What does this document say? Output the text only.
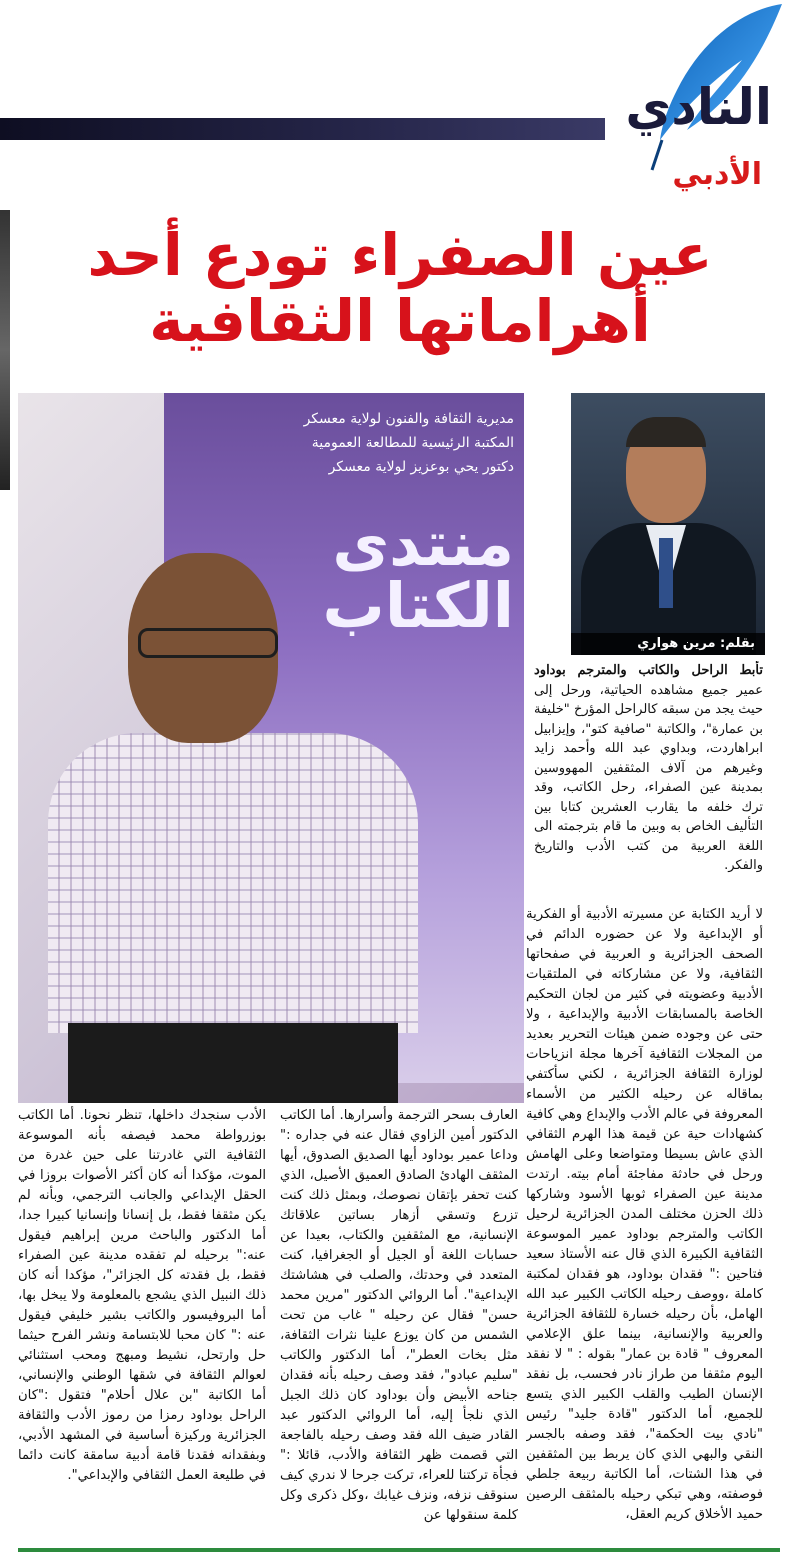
النادي
الأدبي
عين الصفراء تودع أحد
أهراماتها الثقافية
مديرية الثقافة والفنون لولاية معسكر
المكتبة الرئيسية للمطالعة العمومية
دكتور يحي بوعزيز لولاية معسكر
منتدى الكتاب
بقلم: مرين هواري

تأبط الراحل والكاتب والمترجم بوداود عمير جميع مشاهده الحياتية، ورحل إلى حيث يجد من سبقه كالراحل المؤرخ "خليفة بن عمارة"، والكاتبة "صافية كتو"، وإيزابيل ابراهاردت، وبداوي عبد الله وأحمد زايد وغيرهم من آلاف المثقفين المهووسين بمدينة عين الصفراء، رحل الكاتب، وقد ترك خلفه ما يقارب العشرين كتابا بين التأليف الخاص به وبين ما قام بترجمته الى اللغة العربية من كتب الأدب والتاريخ والفكر.

لا أريد الكتابة عن مسيرته الأدبية أو الفكرية أو الإبداعية ولا عن حضوره الدائم في الصحف الجزائرية و العربية في صفحاتها الثقافية، ولا عن مشاركاته في الملتقيات الأدبية وعضويته في كثير من لجان التحكيم الخاصة بالمسابقات الأدبية والإبداعية ، ولا حتى عن وجوده ضمن هيئات التحرير بعديد من المجلات الثقافية آخرها مجلة انزياحات لوزارة الثقافة الجزائرية ، لكني سأكتفي بماقاله عن رحيله الكثير من الأسماء المعروفة في عالم الأدب والإبداع وهي كافية كشهادات حية عن قيمة هذا الهرم الثقافي الذي عاش بسيطا ومتواضعا وعلى الهامش ورحل في حادثة مفاجئة أمام بيته. ارتدت مدينة عين الصفراء ثوبها الأسود وشاركها ذلك الحزن مختلف المدن الجزائرية لرحيل الكاتب والمترجم بوداود عمير الموسوعة الثقافية الكبيرة الذي قال عنه الأستاذ سعيد فتاحين :" فقدان بوداود، هو فقدان لمكتبة كاملة ،ووصف رحيله الكاتب الكبير عبد الله الهامل، بأن رحيله خسارة للثقافة الجزائرية والعربية والإنسانية، بينما علق الإعلامي المعروف " قادة بن عمار" بقوله : " لا نفقد اليوم مثقفا من طراز نادر فحسب، بل نفقد الإنسان الطيب والقلب الكبير الذي يتسع للجميع، أما الدكتور "قادة جليد" رئيس "نادي بيت الحكمة"، فقد وصفه بالجسر النقي والبهي الذي كان يربط بين المثقفين في هذا الشتات، أما الكاتبة ربيعة جلطي فوصفته، وهي تبكي رحيله بالمثقف الرصين حميد الأخلاق كريم العقل،

العارف بسحر الترجمة وأسرارها. أما الكاتب الدكتور أمين الزاوي فقال عنه في جداره :" وداعا عمير بوداود أيها الصديق الصدوق، أيها المثقف الهادئ الصادق العميق الأصيل، الذي كنت تحفر بإتقان نصوصك، وبمثل ذلك كنت تزرع وتسقي أزهار بساتين علاقاتك الإنسانية، مع المثقفين والكتاب، بعيدا عن حسابات اللغة أو الجيل أو الجغرافيا، كنت المتعدد في وحدتك، والصلب في هشاشتك الإبداعية". أما الروائي الدكتور "مرين محمد حسن" فقال عن رحيله " غاب من تحت الشمس من كان يوزع علينا نثرات الثقافة، مثل بخات العطر"، أما الدكتور والكاتب "سليم عبادو"، فقد وصف رحيله بأنه فقدان جناحه الأبيض وأن بوداود كان ذلك الجبل الذي نلجأ إليه، أما الروائي الدكتور عبد القادر ضيف الله فقد وصف رحيله بالفاجعة التي قصمت ظهر الثقافة والأدب، قائلا :" فجأة تركتنا للعراء، تركت جرحا لا ندري كيف سنوقف نزفه، ونزف غيابك ،وكل ذكرى وكل كلمة سنقولها عن

الأدب سنجدك داخلها، تنظر نحونا. أما الكاتب بوزرواطة محمد فيصفه بأنه الموسوعة الثقافية التي غادرتنا على حين غدرة من الموت، مؤكدا أنه كان أكثر الأصوات بروزا في الحقل الإبداعي والجانب الترجمي، وبأنه لم يكن مثقفا فقط، بل إنسانا وإنسانيا كبيرا جدا، أما الدكتور والباحث مرين إبراهيم فيقول عنه:" برحيله لم تفقده مدينة عين الصفراء فقط، بل فقدته كل الجزائر"، مؤكدا أنه كان ذلك النبيل الذي يشجع بالمعلومة ولا يبخل بها، أما البروفيسور والكاتب بشير خليفي فيقول عنه :" كان محبا للابتسامة ونشر الفرح حيثما حل وارتحل، نشيط ومبهج ومحب استثنائي لعوالم الثقافة في شقها الوطني والإنساني، أما الكاتبة "بن علال أحلام" فتقول :"كان الراحل بوداود رمزا من رموز الأدب والثقافة الجزائرية وركيزة أساسية في المشهد الأدبي، وبفقدانه فقدنا قامة أدبية سامقة كانت دائما في طليعة العمل الثقافي والإبداعي".
